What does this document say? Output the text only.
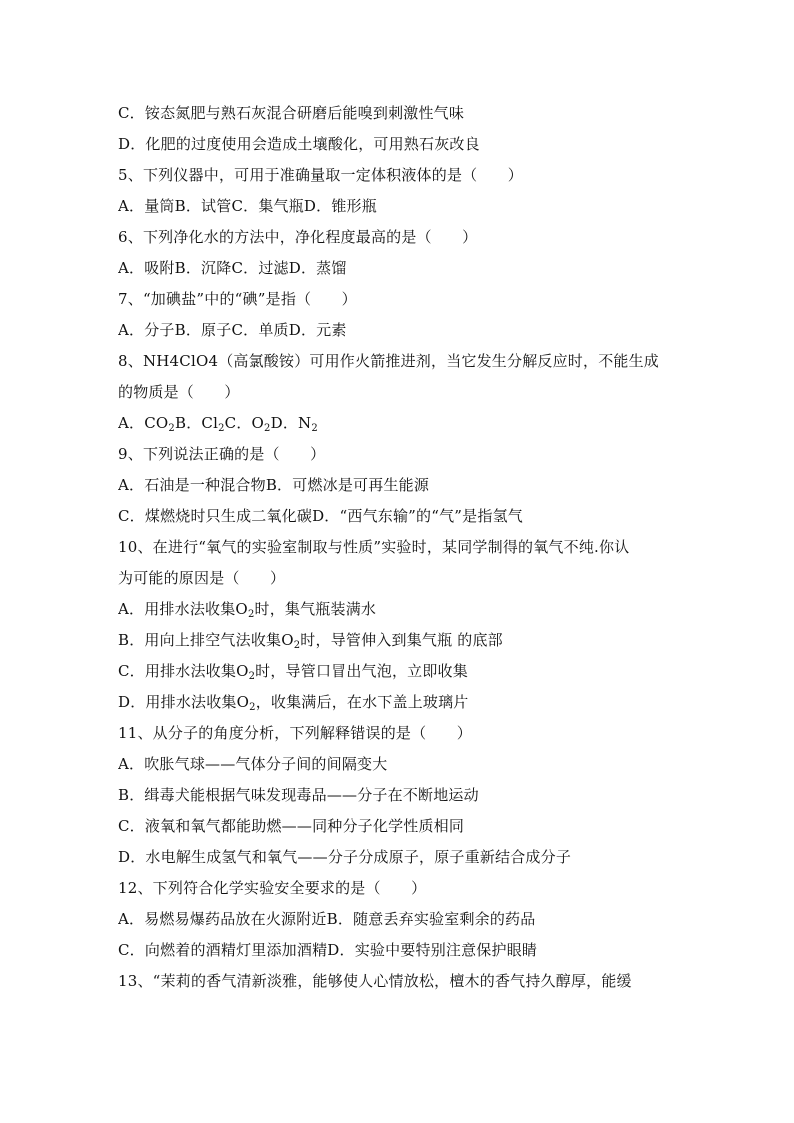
C．铵态氮肥与熟石灰混合研磨后能嗅到刺激性气味
D．化肥的过度使用会造成土壤酸化，可用熟石灰改良
5、下列仪器中，可用于准确量取一定体积液体的是（　　）
A．量筒B．试管C．集气瓶D．锥形瓶
6、下列净化水的方法中，净化程度最高的是（　　）
A．吸附B．沉降C．过滤D．蒸馏
7、“加碘盐”中的“碘”是指（　　）
A．分子B．原子C．单质D．元素
8、NH4ClO4（高氯酸铵）可用作火箭推进剂，当它发生分解反应时，不能生成
的物质是（　　）
A．$CO_2B$．$Cl_2C$．$O_2D$．$N_2$
9、下列说法正确的是（　　）
A．石油是一种混合物B．可燃冰是可再生能源
C．煤燃烧时只生成二氧化碳D．“西气东输”的“气”是指氢气
10、在进行“氧气的实验室制取与性质”实验时，某同学制得的氧气不纯.你认
为可能的原因是（　　）
A．用排水法收集$O_2$时，集气瓶装满水
B．用向上排空气法收集$O_2$时，导管伸入到集气瓶 的底部
C．用排水法收集$O_2$时，导管口冒出气泡，立即收集
D．用排水法收集$O_2$，收集满后，在水下盖上玻璃片
11、从分子的角度分析，下列解释错误的是（　　）
A．吹胀气球——气体分子间的间隔变大
B．缉毒犬能根据气味发现毒品——分子在不断地运动
C．液氧和氧气都能助燃——同种分子化学性质相同
D．水电解生成氢气和氧气——分子分成原子，原子重新结合成分子
12、下列符合化学实验安全要求的是（　　）
A．易燃易爆药品放在火源附近B．随意丢弃实验室剩余的药品
C．向燃着的酒精灯里添加酒精D．实验中要特别注意保护眼睛
13、“茉莉的香气清新淡雅，能够使人心情放松，檀木的香气持久醇厚，能缓
